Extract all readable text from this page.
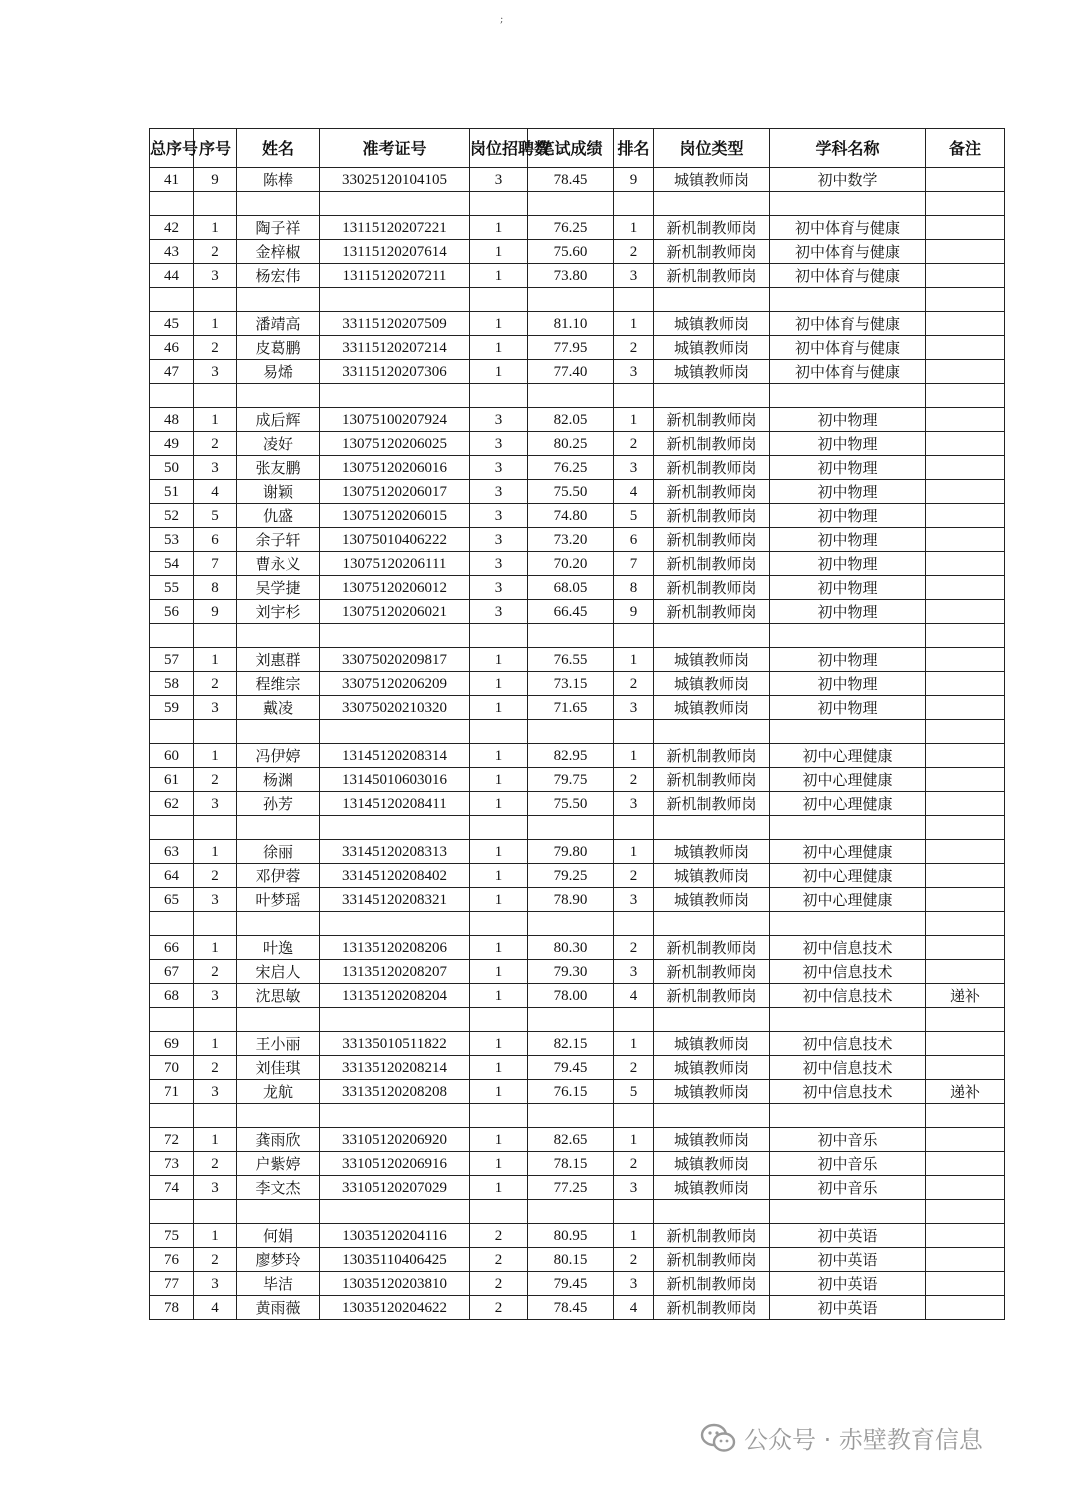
;
总序号	序号	姓名	准考证号	岗位招聘数	笔试成绩	排名	岗位类型	学科名称	备注
41	9	陈棒	33025120104105	3	78.45	9	城镇教师岗	初中数学	

42	1	陶子祥	13115120207221	1	76.25	1	新机制教师岗	初中体育与健康	
43	2	金梓椒	13115120207614	1	75.60	2	新机制教师岗	初中体育与健康	
44	3	杨宏伟	13115120207211	1	73.80	3	新机制教师岗	初中体育与健康	

45	1	潘靖高	33115120207509	1	81.10	1	城镇教师岗	初中体育与健康	
46	2	皮葛鹏	33115120207214	1	77.95	2	城镇教师岗	初中体育与健康	
47	3	易烯	33115120207306	1	77.40	3	城镇教师岗	初中体育与健康	

48	1	成后辉	13075100207924	3	82.05	1	新机制教师岗	初中物理	
49	2	凌好	13075120206025	3	80.25	2	新机制教师岗	初中物理	
50	3	张友鹏	13075120206016	3	76.25	3	新机制教师岗	初中物理	
51	4	谢颖	13075120206017	3	75.50	4	新机制教师岗	初中物理	
52	5	仇盛	13075120206015	3	74.80	5	新机制教师岗	初中物理	
53	6	余子轩	13075010406222	3	73.20	6	新机制教师岗	初中物理	
54	7	曹永义	13075120206111	3	70.20	7	新机制教师岗	初中物理	
55	8	吴学捷	13075120206012	3	68.05	8	新机制教师岗	初中物理	
56	9	刘宇杉	13075120206021	3	66.45	9	新机制教师岗	初中物理	

57	1	刘惠群	33075020209817	1	76.55	1	城镇教师岗	初中物理	
58	2	程维宗	33075120206209	1	73.15	2	城镇教师岗	初中物理	
59	3	戴凌	33075020210320	1	71.65	3	城镇教师岗	初中物理	

60	1	冯伊婷	13145120208314	1	82.95	1	新机制教师岗	初中心理健康	
61	2	杨渊	13145010603016	1	79.75	2	新机制教师岗	初中心理健康	
62	3	孙芳	13145120208411	1	75.50	3	新机制教师岗	初中心理健康	

63	1	徐丽	33145120208313	1	79.80	1	城镇教师岗	初中心理健康	
64	2	邓伊蓉	33145120208402	1	79.25	2	城镇教师岗	初中心理健康	
65	3	叶梦瑶	33145120208321	1	78.90	3	城镇教师岗	初中心理健康	

66	1	叶逸	13135120208206	1	80.30	2	新机制教师岗	初中信息技术	
67	2	宋启人	13135120208207	1	79.30	3	新机制教师岗	初中信息技术	
68	3	沈思敏	13135120208204	1	78.00	4	新机制教师岗	初中信息技术	递补

69	1	王小丽	33135010511822	1	82.15	1	城镇教师岗	初中信息技术	
70	2	刘佳琪	33135120208214	1	79.45	2	城镇教师岗	初中信息技术	
71	3	龙航	33135120208208	1	76.15	5	城镇教师岗	初中信息技术	递补

72	1	龚雨欣	33105120206920	1	82.65	1	城镇教师岗	初中音乐	
73	2	户紫婷	33105120206916	1	78.15	2	城镇教师岗	初中音乐	
74	3	李文杰	33105120207029	1	77.25	3	城镇教师岗	初中音乐	

75	1	何娟	13035120204116	2	80.95	1	新机制教师岗	初中英语	
76	2	廖梦玲	13035110406425	2	80.15	2	新机制教师岗	初中英语	
77	3	毕洁	13035120203810	2	79.45	3	新机制教师岗	初中英语	
78	4	黄雨薇	13035120204622	2	78.45	4	新机制教师岗	初中英语	
公众号 · 赤壁教育信息
